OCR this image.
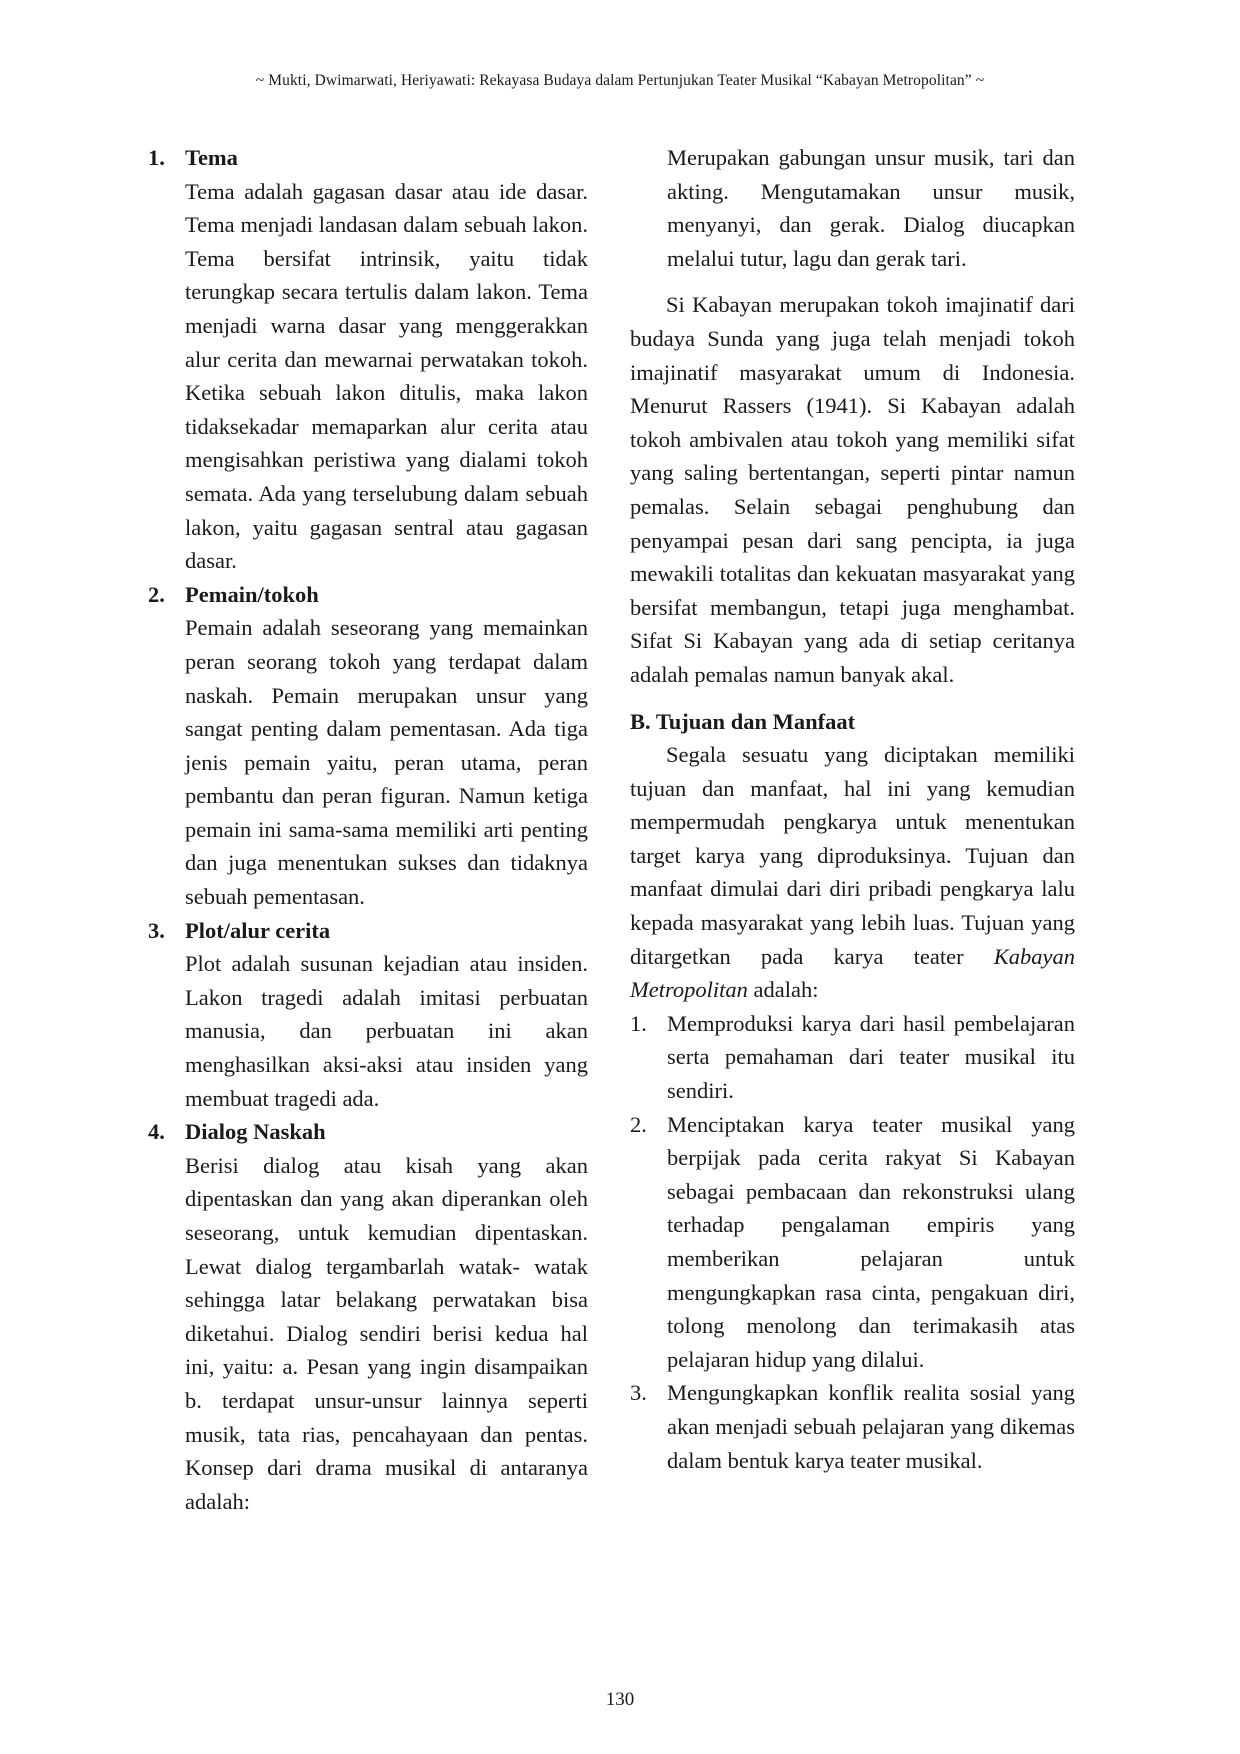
~ Mukti, Dwimarwati, Heriyawati: Rekayasa Budaya dalam Pertunjukan Teater Musikal “Kabayan Metropolitan” ~
1. Tema
Tema adalah gagasan dasar atau ide dasar. Tema menjadi landasan dalam sebuah lakon. Tema bersifat intrinsik, yaitu tidak terungkap secara tertulis dalam lakon. Tema menjadi warna dasar yang menggerakkan alur cerita dan mewarnai perwatakan tokoh. Ketika sebuah lakon ditulis, maka lakon tidaksekadar memaparkan alur cerita atau mengisahkan peristiwa yang dialami tokoh semata. Ada yang terselubung dalam sebuah lakon, yaitu gagasan sentral atau gagasan dasar.
2. Pemain/tokoh
Pemain adalah seseorang yang memainkan peran seorang tokoh yang terdapat dalam naskah. Pemain merupakan unsur yang sangat penting dalam pementasan. Ada tiga jenis pemain yaitu, peran utama, peran pembantu dan peran figuran. Namun ketiga pemain ini sama-sama memiliki arti penting dan juga menentukan sukses dan tidaknya sebuah pementasan.
3. Plot/alur cerita
Plot adalah susunan kejadian atau insiden. Lakon tragedi adalah imitasi perbuatan manusia, dan perbuatan ini akan menghasilkan aksi-aksi atau insiden yang membuat tragedi ada.
4. Dialog Naskah
Berisi dialog atau kisah yang akan dipentaskan dan yang akan diperankan oleh seseorang, untuk kemudian dipentaskan. Lewat dialog tergambarlah watak- watak sehingga latar belakang perwatakan bisa diketahui. Dialog sendiri berisi kedua hal ini, yaitu: a. Pesan yang ingin disampaikan b. terdapat unsur-unsur lainnya seperti musik, tata rias, pencahayaan dan pentas. Konsep dari drama musikal di antaranya adalah:
Merupakan gabungan unsur musik, tari dan akting. Mengutamakan unsur musik, menyanyi, dan gerak. Dialog diucapkan melalui tutur, lagu dan gerak tari.
Si Kabayan merupakan tokoh imajinatif dari budaya Sunda yang juga telah menjadi tokoh imajinatif masyarakat umum di Indonesia. Menurut Rassers (1941). Si Kabayan adalah tokoh ambivalen atau tokoh yang memiliki sifat yang saling bertentangan, seperti pintar namun pemalas. Selain sebagai penghubung dan penyampai pesan dari sang pencipta, ia juga mewakili totalitas dan kekuatan masyarakat yang bersifat membangun, tetapi juga menghambat. Sifat Si Kabayan yang ada di setiap ceritanya adalah pemalas namun banyak akal.
B. Tujuan dan Manfaat
Segala sesuatu yang diciptakan memiliki tujuan dan manfaat, hal ini yang kemudian mempermudah pengkarya untuk menentukan target karya yang diproduksinya. Tujuan dan manfaat dimulai dari diri pribadi pengkarya lalu kepada masyarakat yang lebih luas. Tujuan yang ditargetkan pada karya teater Kabayan Metropolitan adalah:
1. Memproduksi karya dari hasil pembelajaran serta pemahaman dari teater musikal itu sendiri.
2. Menciptakan karya teater musikal yang berpijak pada cerita rakyat Si Kabayan sebagai pembacaan dan rekonstruksi ulang terhadap pengalaman empiris yang memberikan pelajaran untuk mengungkapkan rasa cinta, pengakuan diri, tolong menolong dan terimakasih atas pelajaran hidup yang dilalui.
3. Mengungkapkan konflik realita sosial yang akan menjadi sebuah pelajaran yang dikemas dalam bentuk karya teater musikal.
130
